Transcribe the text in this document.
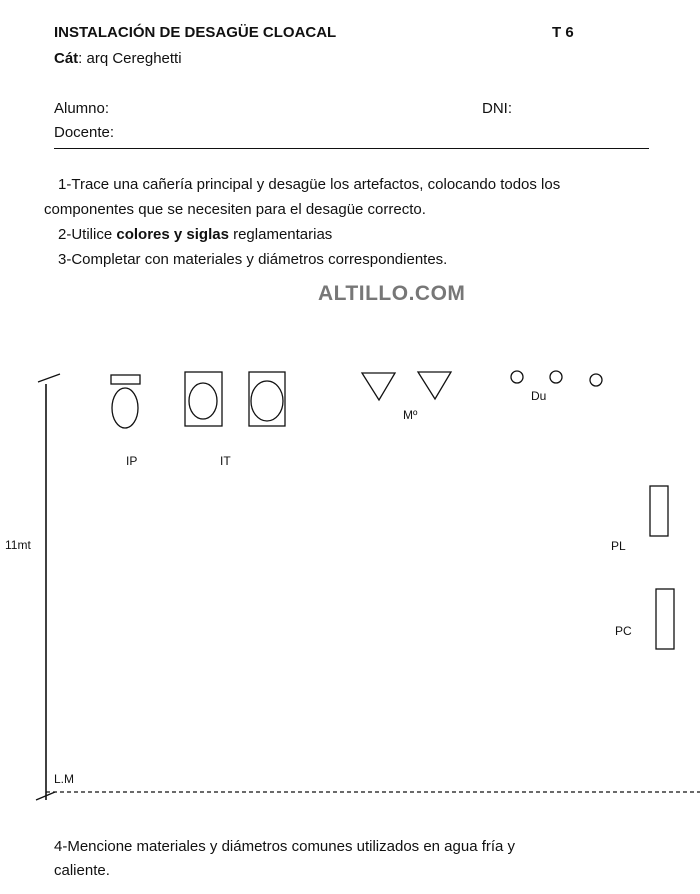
INSTALACIÓN DE DESAGÜE CLOACAL	T 6
Cát: arq Cereghetti
Alumno:	DNI:
Docente:
1-Trace una cañería principal y desagüe los artefactos, colocando todos los
componentes que se necesiten para el desagüe correcto.
2-Utilice colores y siglas reglamentarias
3-Completar con materiales y diámetros correspondientes.
ALTILLO.COM
IP	IT
Mº
Du
PL
PC
11mt
L.M
4-Mencione materiales y diámetros comunes utilizados en agua fría y
caliente.
